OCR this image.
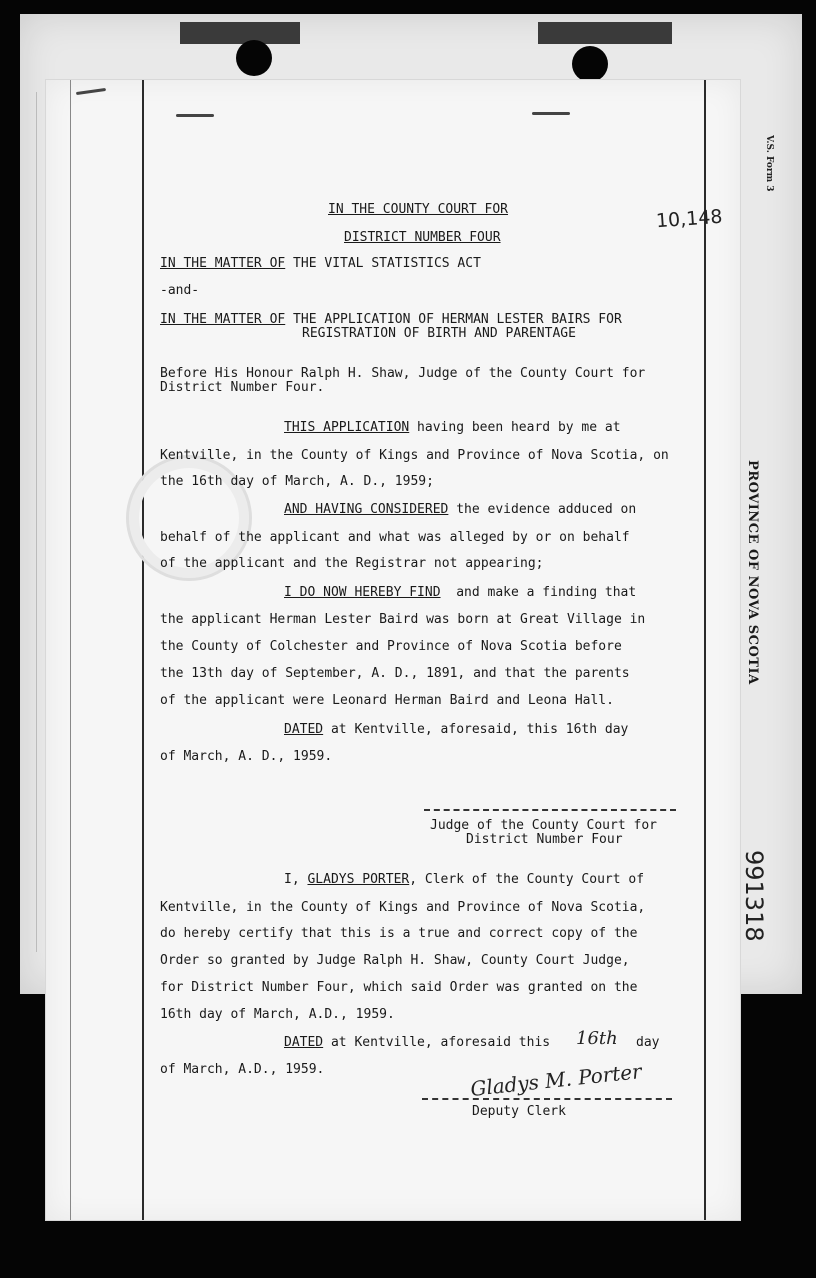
V.S. Form 3
PROVINCE OF NOVA SCOTIA
991318
10,148
IN THE COUNTY COURT FOR
DISTRICT NUMBER FOUR
IN THE MATTER OF THE VITAL STATISTICS ACT
-and-
IN THE MATTER OF THE APPLICATION OF HERMAN LESTER BAIRS FOR
REGISTRATION OF BIRTH AND PARENTAGE
Before His Honour Ralph H. Shaw, Judge of the County Court for
District Number Four.
THIS APPLICATION having been heard by me at
Kentville, in the County of Kings and Province of Nova Scotia, on
the 16th day of March, A. D., 1959;
AND HAVING CONSIDERED the evidence adduced on
behalf of the applicant and what was alleged by or on behalf
of the applicant and the Registrar not appearing;
I DO NOW HEREBY FIND  and make a finding that
the applicant Herman Lester Baird was born at Great Village in
the County of Colchester and Province of Nova Scotia before
the 13th day of September, A. D., 1891, and that the parents
of the applicant were Leonard Herman Baird and Leona Hall.
DATED at Kentville, aforesaid, this 16th day
of March, A. D., 1959.
Judge of the County Court for
District Number Four
I, GLADYS PORTER, Clerk of the County Court of
Kentville, in the County of Kings and Province of Nova Scotia,
do hereby certify that this is a true and correct copy of the
Order so granted by Judge Ralph H. Shaw, County Court Judge,
for District Number Four, which said Order was granted on the
16th day of March, A.D., 1959.
DATED at Kentville, aforesaid this 16th day
of March, A.D., 1959.	Gladys M. Porter
Deputy Clerk
